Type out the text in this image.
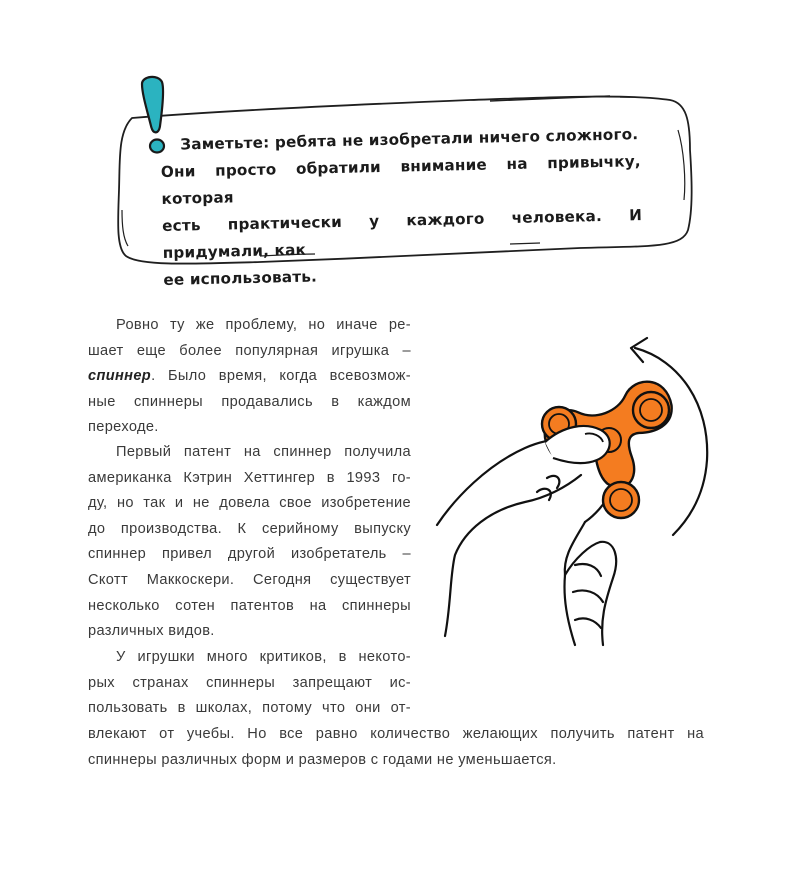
Заметьте: ребята не изобретали ничего сложного.
Они просто обратили внимание на привычку, которая
есть практически у каждого человека. И придумали, как
ее использовать.
Ровно ту же проблему, но иначе ре-
шает еще более популярная игрушка –
спиннер. Было время, когда всевозмож-
ные спиннеры продавались в каждом
переходе.
Первый патент на спиннер получила
американка Кэтрин Хеттингер в 1993 го-
ду, но так и не довела свое изобретение
до производства. К серийному выпуску
спиннер привел другой изобретатель –
Скотт Маккоскери. Сегодня существует
несколько сотен патентов на спиннеры
различных видов.
У игрушки много критиков, в некото-
рых странах спиннеры запрещают ис-
пользовать в школах, потому что они от-
влекают от учебы. Но все равно количество желающих получить патент на
спиннеры различных форм и размеров с годами не уменьшается.
